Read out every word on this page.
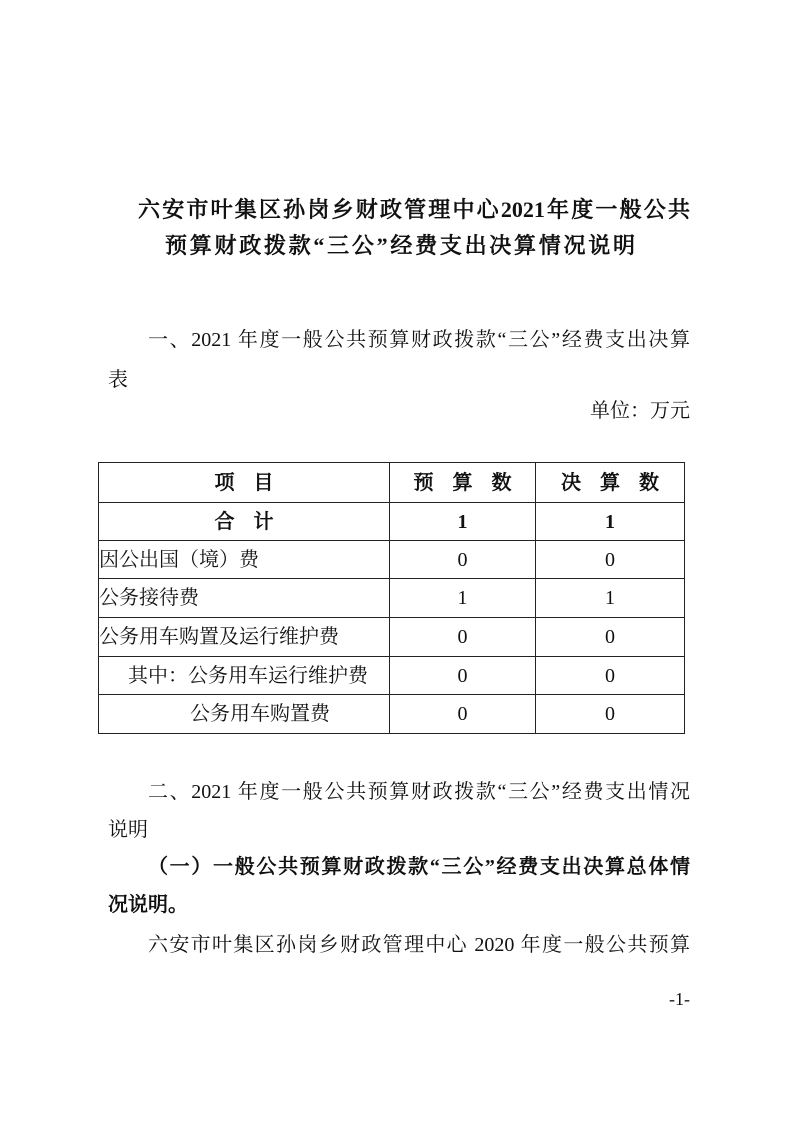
六安市叶集区孙岗乡财政管理中心2021年度一般公共
预算财政拨款“三公”经费支出决算情况说明
一、2021 年度一般公共预算财政拨款“三公”经费支出决算
表
单位：万元
项 目	预 算 数	决 算 数
合 计	1	1
因公出国（境）费	0	0
公务接待费	1	1
公务用车购置及运行维护费	0	0
其中：公务用车运行维护费	0	0
公务用车购置费	0	0
二、2021 年度一般公共预算财政拨款“三公”经费支出情况
说明
（一）一般公共预算财政拨款“三公”经费支出决算总体情
况说明。
六安市叶集区孙岗乡财政管理中心 2020 年度一般公共预算
-1-
